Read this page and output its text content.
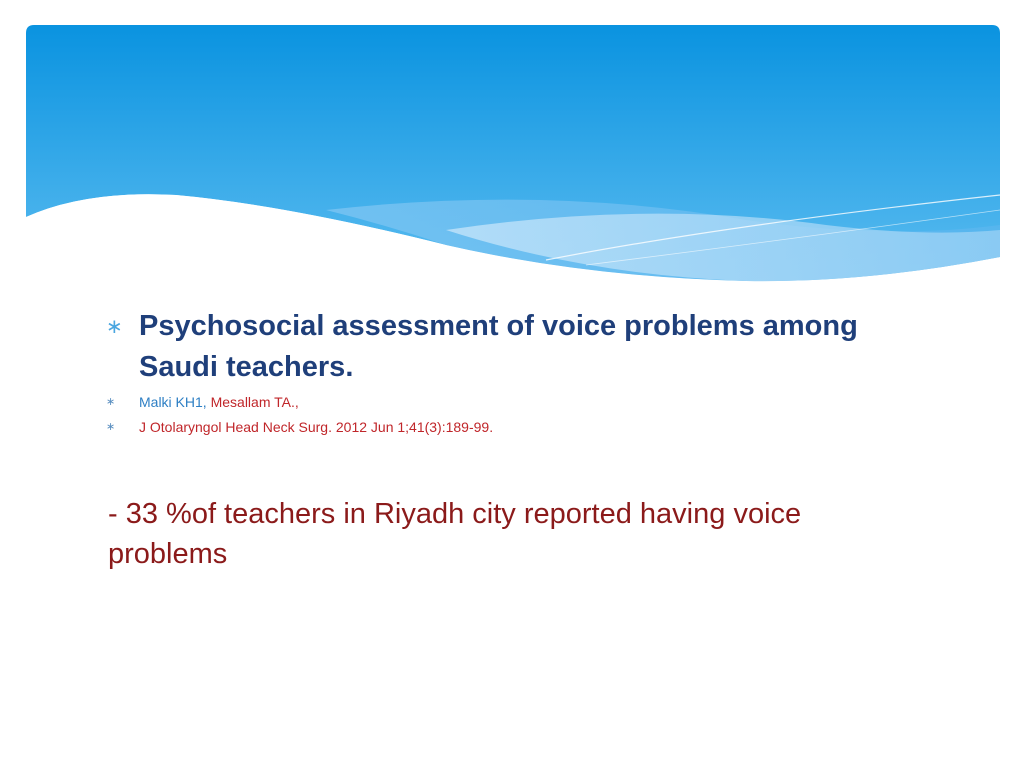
∗ Psychosocial assessment of voice problems among Saudi teachers.
∗	Malki KH1, Mesallam TA.,
∗	J Otolaryngol Head Neck Surg. 2012 Jun 1;41(3):189-99.
- 33 %of teachers in Riyadh city reported having voice problems
